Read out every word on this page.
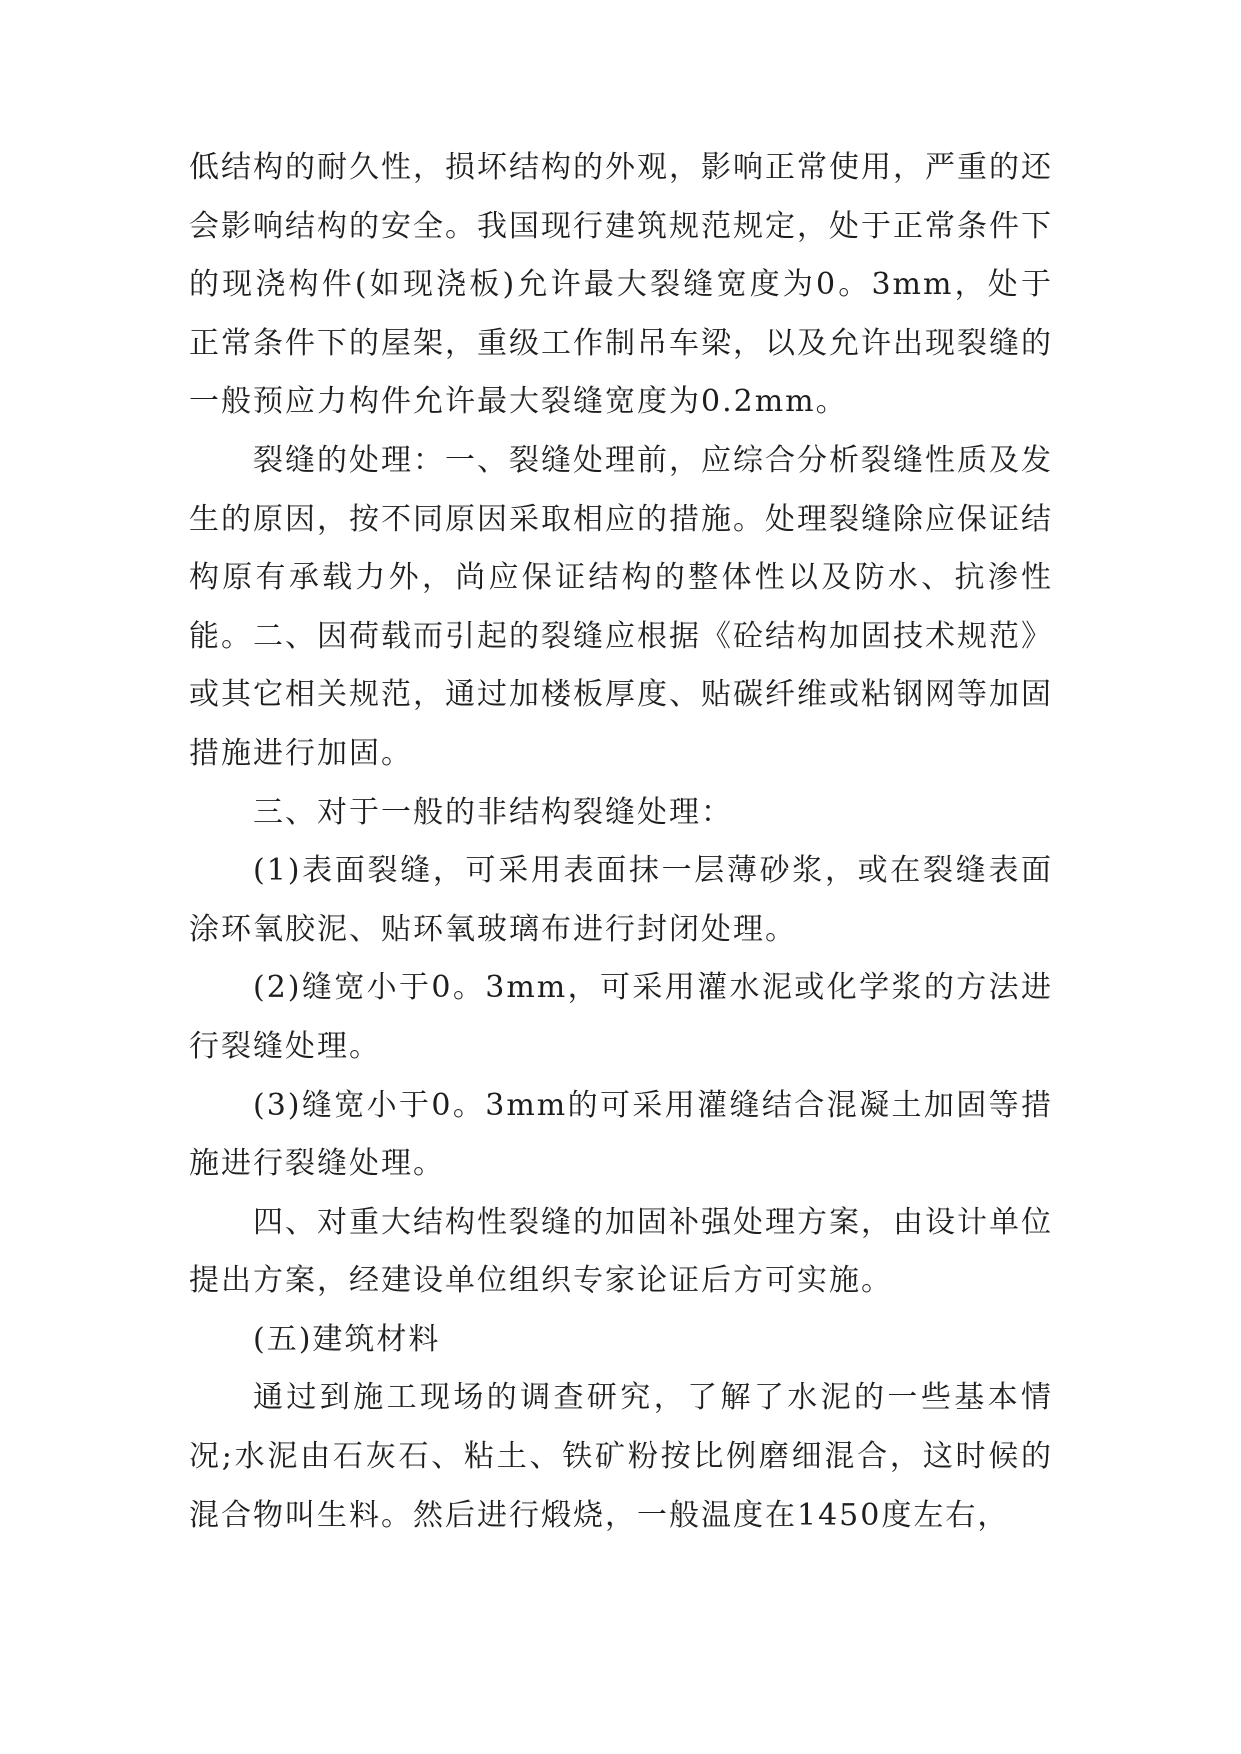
低结构的耐久性，损坏结构的外观，影响正常使用，严重的还会影响结构的安全。我国现行建筑规范规定，处于正常条件下的现浇构件(如现浇板)允许最大裂缝宽度为0。3mm，处于正常条件下的屋架，重级工作制吊车梁，以及允许出现裂缝的一般预应力构件允许最大裂缝宽度为0.2mm。

裂缝的处理：一、裂缝处理前，应综合分析裂缝性质及发生的原因，按不同原因采取相应的措施。处理裂缝除应保证结构原有承载力外，尚应保证结构的整体性以及防水、抗渗性能。二、因荷载而引起的裂缝应根据《砼结构加固技术规范》或其它相关规范，通过加楼板厚度、贴碳纤维或粘钢网等加固措施进行加固。

三、对于一般的非结构裂缝处理：

(1)表面裂缝，可采用表面抹一层薄砂浆，或在裂缝表面涂环氧胶泥、贴环氧玻璃布进行封闭处理。

(2)缝宽小于0。3mm，可采用灌水泥或化学浆的方法进行裂缝处理。

(3)缝宽小于0。3mm的可采用灌缝结合混凝土加固等措施进行裂缝处理。

四、对重大结构性裂缝的加固补强处理方案，由设计单位提出方案，经建设单位组织专家论证后方可实施。

(五)建筑材料

通过到施工现场的调查研究，了解了水泥的一些基本情况;水泥由石灰石、粘土、铁矿粉按比例磨细混合，这时候的混合物叫生料。然后进行煅烧，一般温度在1450度左右，
